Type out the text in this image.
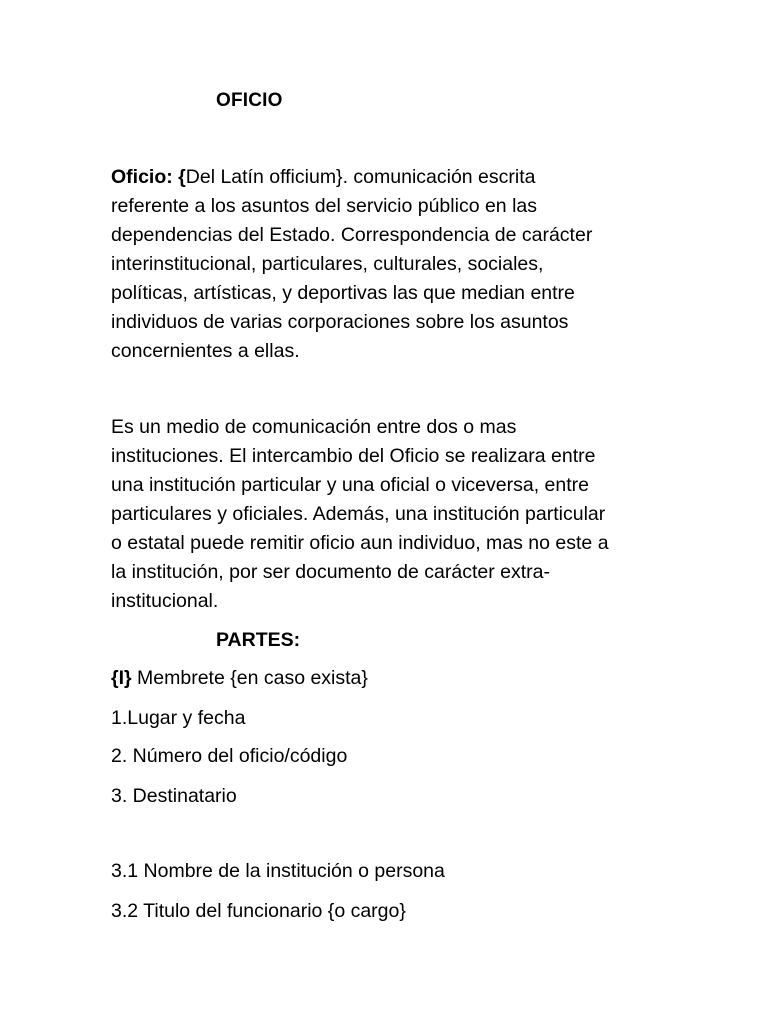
OFICIO
Oficio: {Del Latín officium}. comunicación escrita
referente a los asuntos del servicio público en las
dependencias del Estado. Correspondencia de carácter
interinstitucional, particulares, culturales, sociales,
políticas, artísticas, y deportivas las que median entre
individuos de varias corporaciones sobre los asuntos
concernientes a ellas.
Es un medio de comunicación entre dos o mas
instituciones. El intercambio del Oficio se realizara entre
una institución particular y una oficial o viceversa, entre
particulares y oficiales. Además, una institución particular
o estatal puede remitir oficio aun individuo, mas no este a
la institución, por ser documento de carácter extra-
institucional.
PARTES:
{I} Membrete {en caso exista}
1.Lugar y fecha
2. Número del oficio/código
3. Destinatario
3.1 Nombre de la institución o persona
3.2 Titulo del funcionario {o cargo}
